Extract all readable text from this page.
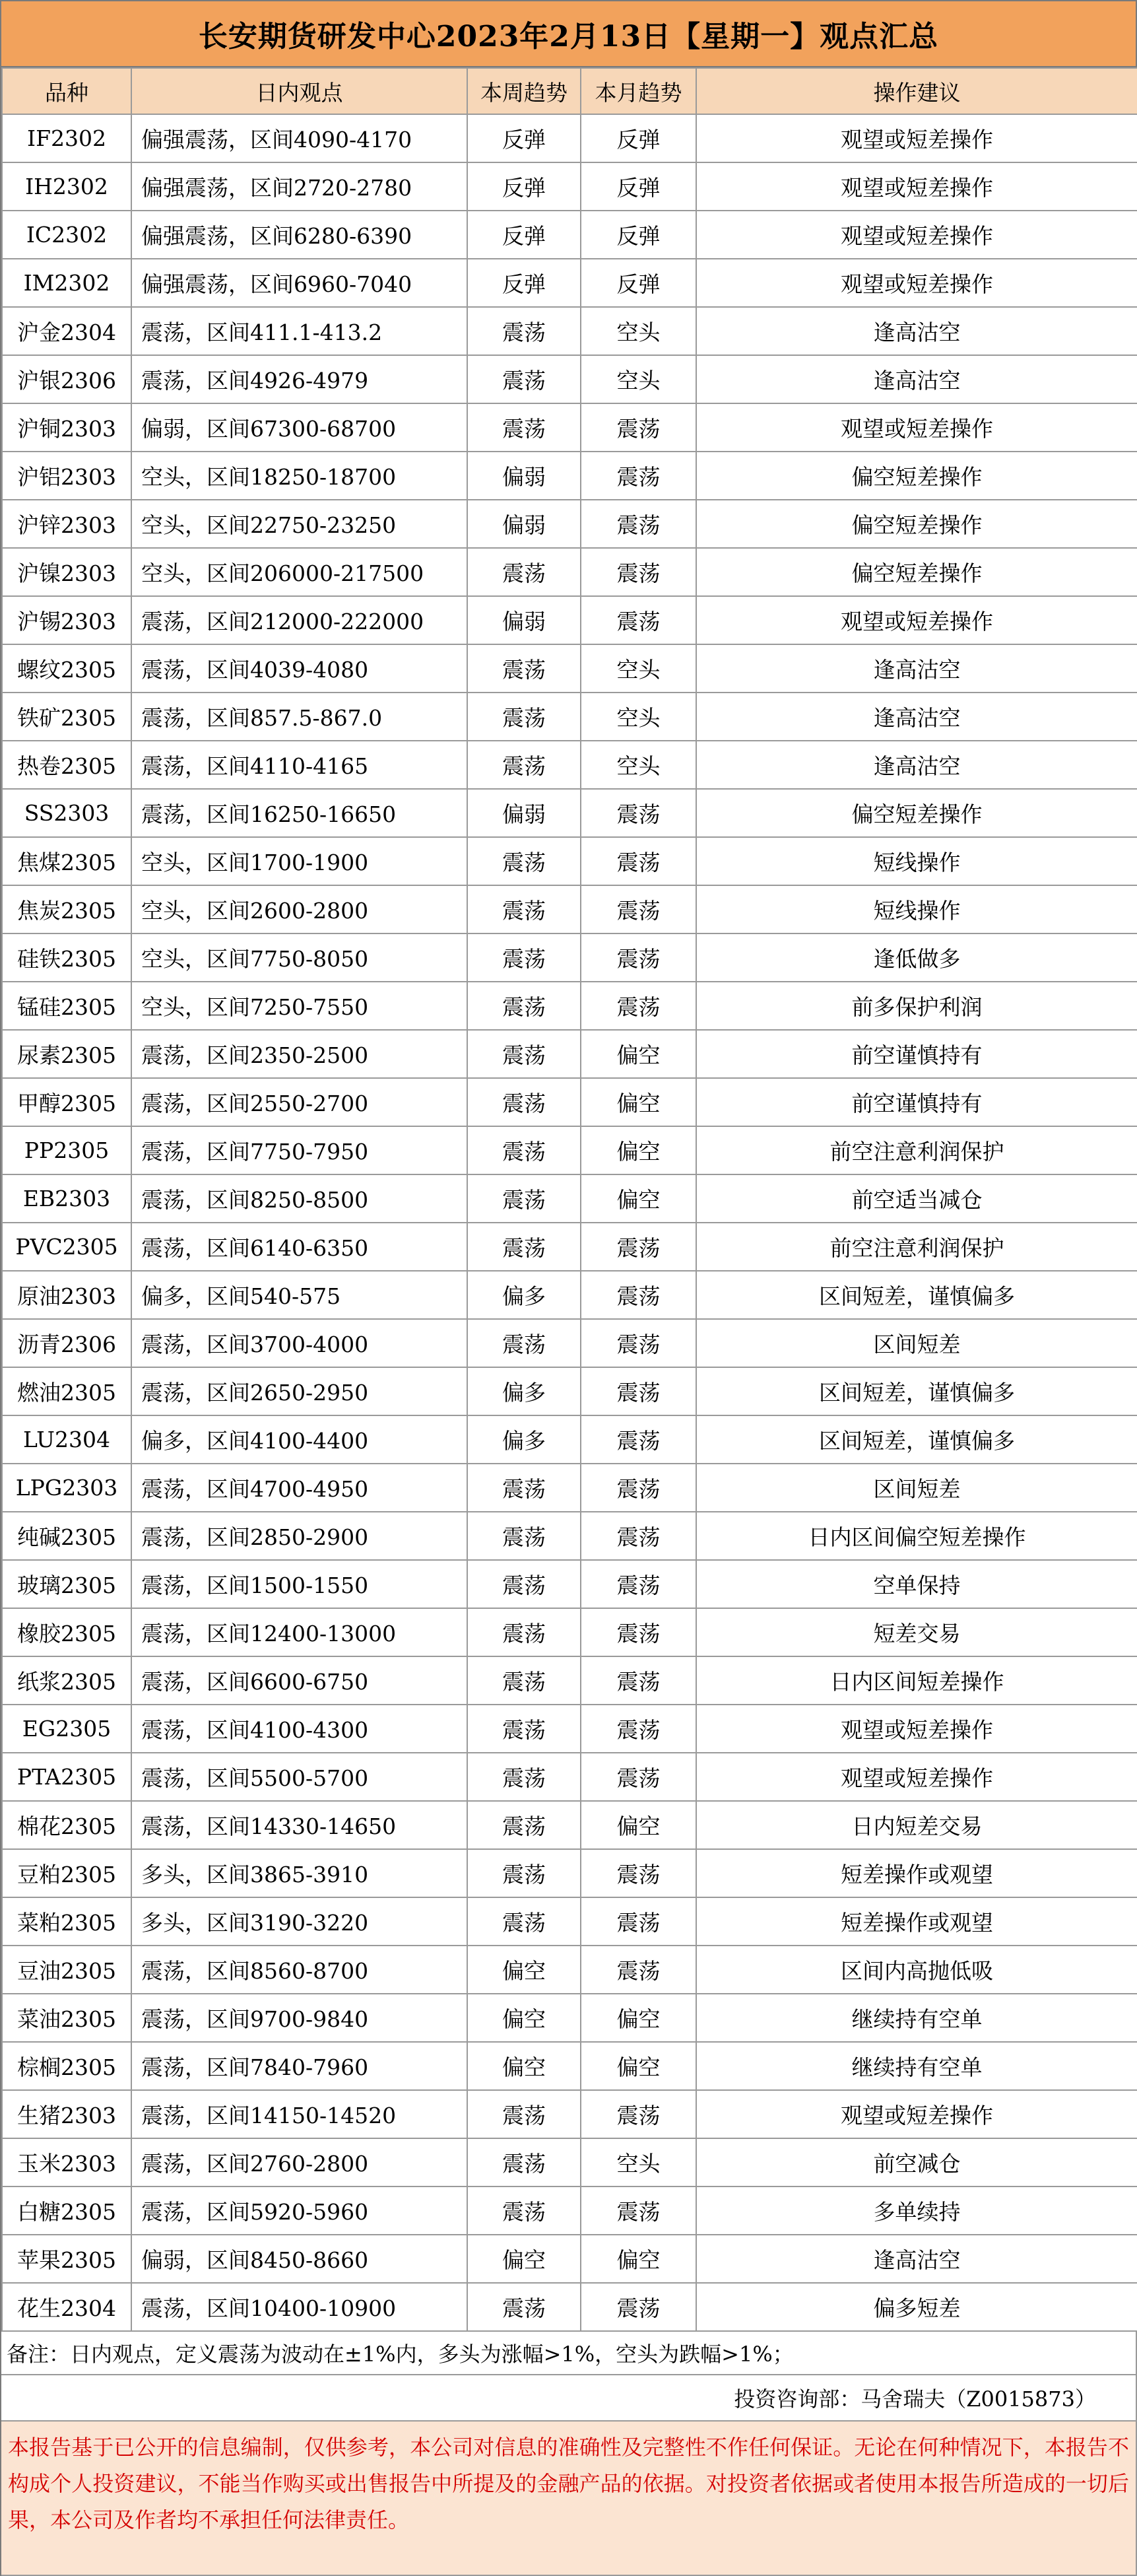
长安期货研发中心2023年2月13日【星期一】观点汇总
品种	日内观点	本周趋势	本月趋势	操作建议
IF2302	偏强震荡，区间4090-4170	反弹	反弹	观望或短差操作
IH2302	偏强震荡，区间2720-2780	反弹	反弹	观望或短差操作
IC2302	偏强震荡，区间6280-6390	反弹	反弹	观望或短差操作
IM2302	偏强震荡，区间6960-7040	反弹	反弹	观望或短差操作
沪金2304	震荡，区间411.1-413.2	震荡	空头	逢高沽空
沪银2306	震荡，区间4926-4979	震荡	空头	逢高沽空
沪铜2303	偏弱，区间67300-68700	震荡	震荡	观望或短差操作
沪铝2303	空头，区间18250-18700	偏弱	震荡	偏空短差操作
沪锌2303	空头，区间22750-23250	偏弱	震荡	偏空短差操作
沪镍2303	空头，区间206000-217500	震荡	震荡	偏空短差操作
沪锡2303	震荡，区间212000-222000	偏弱	震荡	观望或短差操作
螺纹2305	震荡，区间4039-4080	震荡	空头	逢高沽空
铁矿2305	震荡，区间857.5-867.0	震荡	空头	逢高沽空
热卷2305	震荡，区间4110-4165	震荡	空头	逢高沽空
SS2303	震荡，区间16250-16650	偏弱	震荡	偏空短差操作
焦煤2305	空头，区间1700-1900	震荡	震荡	短线操作
焦炭2305	空头，区间2600-2800	震荡	震荡	短线操作
硅铁2305	空头，区间7750-8050	震荡	震荡	逢低做多
锰硅2305	空头，区间7250-7550	震荡	震荡	前多保护利润
尿素2305	震荡，区间2350-2500	震荡	偏空	前空谨慎持有
甲醇2305	震荡，区间2550-2700	震荡	偏空	前空谨慎持有
PP2305	震荡，区间7750-7950	震荡	偏空	前空注意利润保护
EB2303	震荡，区间8250-8500	震荡	偏空	前空适当减仓
PVC2305	震荡，区间6140-6350	震荡	震荡	前空注意利润保护
原油2303	偏多，区间540-575	偏多	震荡	区间短差，谨慎偏多
沥青2306	震荡，区间3700-4000	震荡	震荡	区间短差
燃油2305	震荡，区间2650-2950	偏多	震荡	区间短差，谨慎偏多
LU2304	偏多，区间4100-4400	偏多	震荡	区间短差，谨慎偏多
LPG2303	震荡，区间4700-4950	震荡	震荡	区间短差
纯碱2305	震荡，区间2850-2900	震荡	震荡	日内区间偏空短差操作
玻璃2305	震荡，区间1500-1550	震荡	震荡	空单保持
橡胶2305	震荡，区间12400-13000	震荡	震荡	短差交易
纸浆2305	震荡，区间6600-6750	震荡	震荡	日内区间短差操作
EG2305	震荡，区间4100-4300	震荡	震荡	观望或短差操作
PTA2305	震荡，区间5500-5700	震荡	震荡	观望或短差操作
棉花2305	震荡，区间14330-14650	震荡	偏空	日内短差交易
豆粕2305	多头，区间3865-3910	震荡	震荡	短差操作或观望
菜粕2305	多头，区间3190-3220	震荡	震荡	短差操作或观望
豆油2305	震荡，区间8560-8700	偏空	震荡	区间内高抛低吸
菜油2305	震荡，区间9700-9840	偏空	偏空	继续持有空单
棕榈2305	震荡，区间7840-7960	偏空	偏空	继续持有空单
生猪2303	震荡，区间14150-14520	震荡	震荡	观望或短差操作
玉米2303	震荡，区间2760-2800	震荡	空头	前空减仓
白糖2305	震荡，区间5920-5960	震荡	震荡	多单续持
苹果2305	偏弱，区间8450-8660	偏空	偏空	逢高沽空
花生2304	震荡，区间10400-10900	震荡	震荡	偏多短差
备注：日内观点，定义震荡为波动在±1%内，多头为涨幅>1%，空头为跌幅>1%；
投资咨询部：马舍瑞夫（Z0015873）
本报告基于已公开的信息编制，仅供参考，本公司对信息的准确性及完整性不作任何保证。无论在何种情况下，本报告不构成个人投资建议，不能当作购买或出售报告中所提及的金融产品的依据。对投资者依据或者使用本报告所造成的一切后果，本公司及作者均不承担任何法律责任。
